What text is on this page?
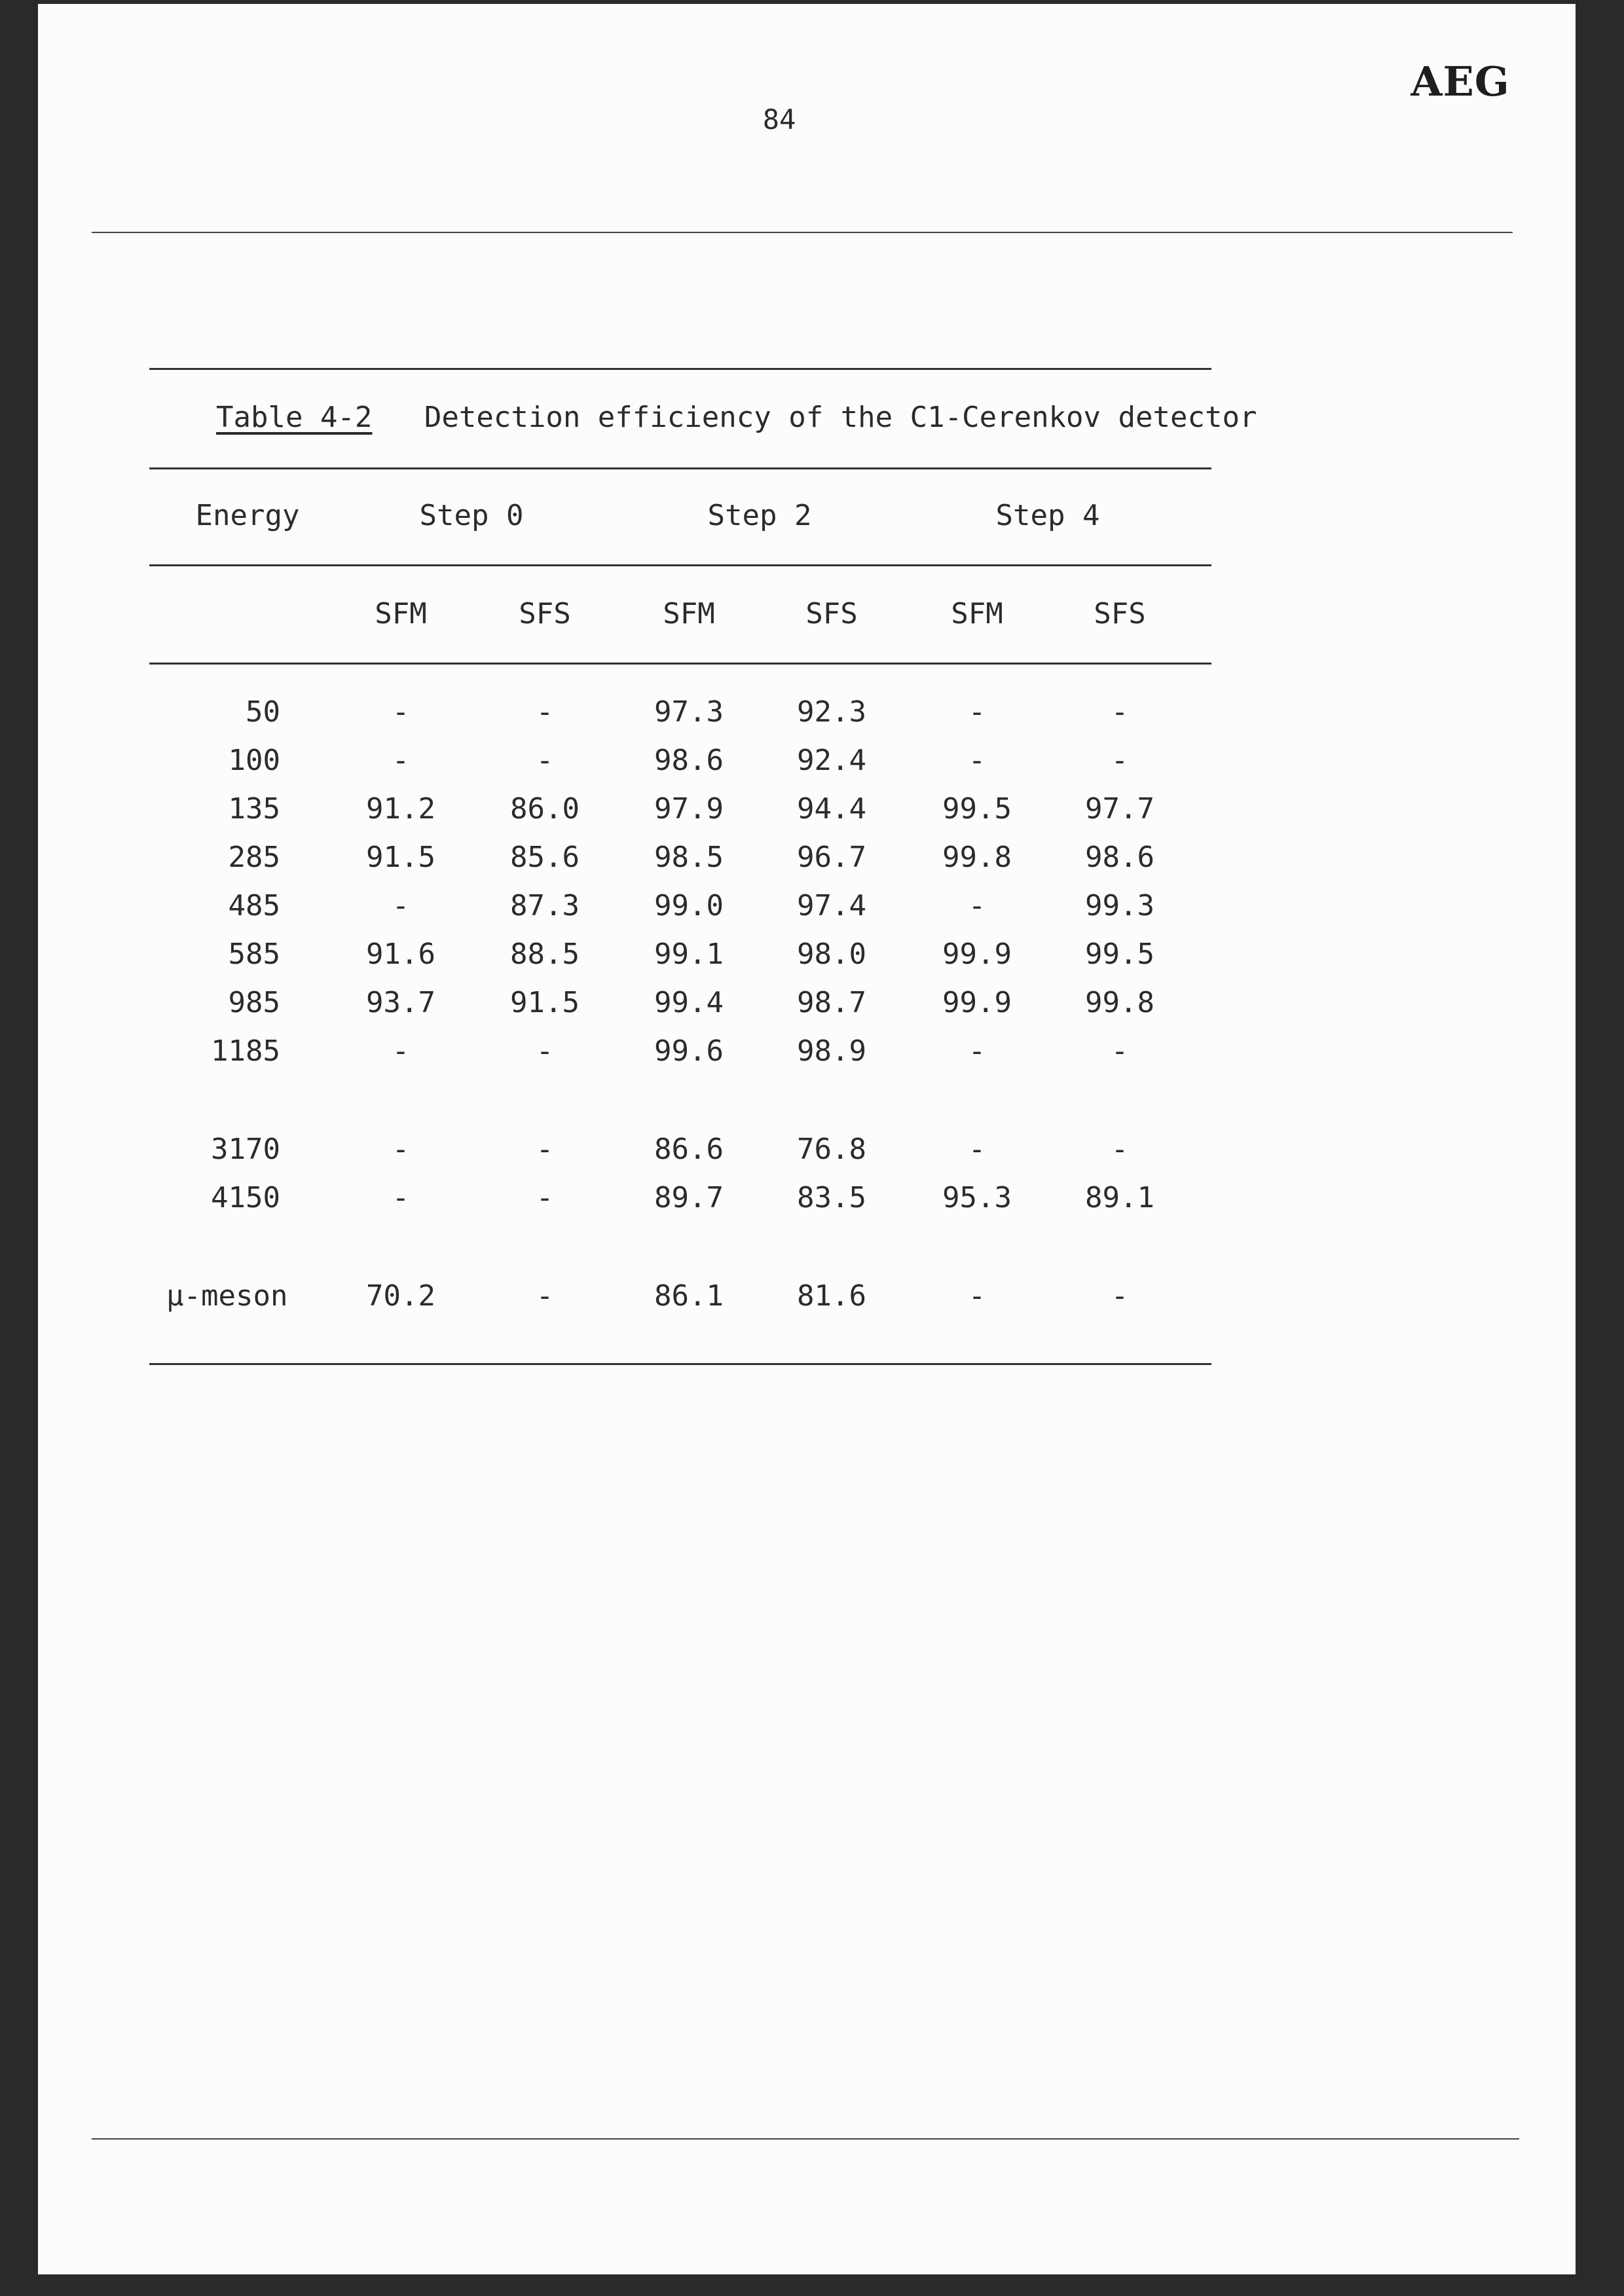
AEG
84
Table 4-2 Detection efficiency of the C1-Cerenkov detector
Energy	Step 0	Step 2	Step 4
SFM	SFS	SFM	SFS	SFM	SFS
50	-	-	97.3	92.3	-	-
100	-	-	98.6	92.4	-	-
135	91.2	86.0	97.9	94.4	99.5	97.7
285	91.5	85.6	98.5	96.7	99.8	98.6
485	-	87.3	99.0	97.4	-	99.3
585	91.6	88.5	99.1	98.0	99.9	99.5
985	93.7	91.5	99.4	98.7	99.9	99.8
1185	-	-	99.6	98.9	-	-
3170	-	-	86.6	76.8	-	-
4150	-	-	89.7	83.5	95.3	89.1
μ-meson	70.2	-	86.1	81.6	-	-
